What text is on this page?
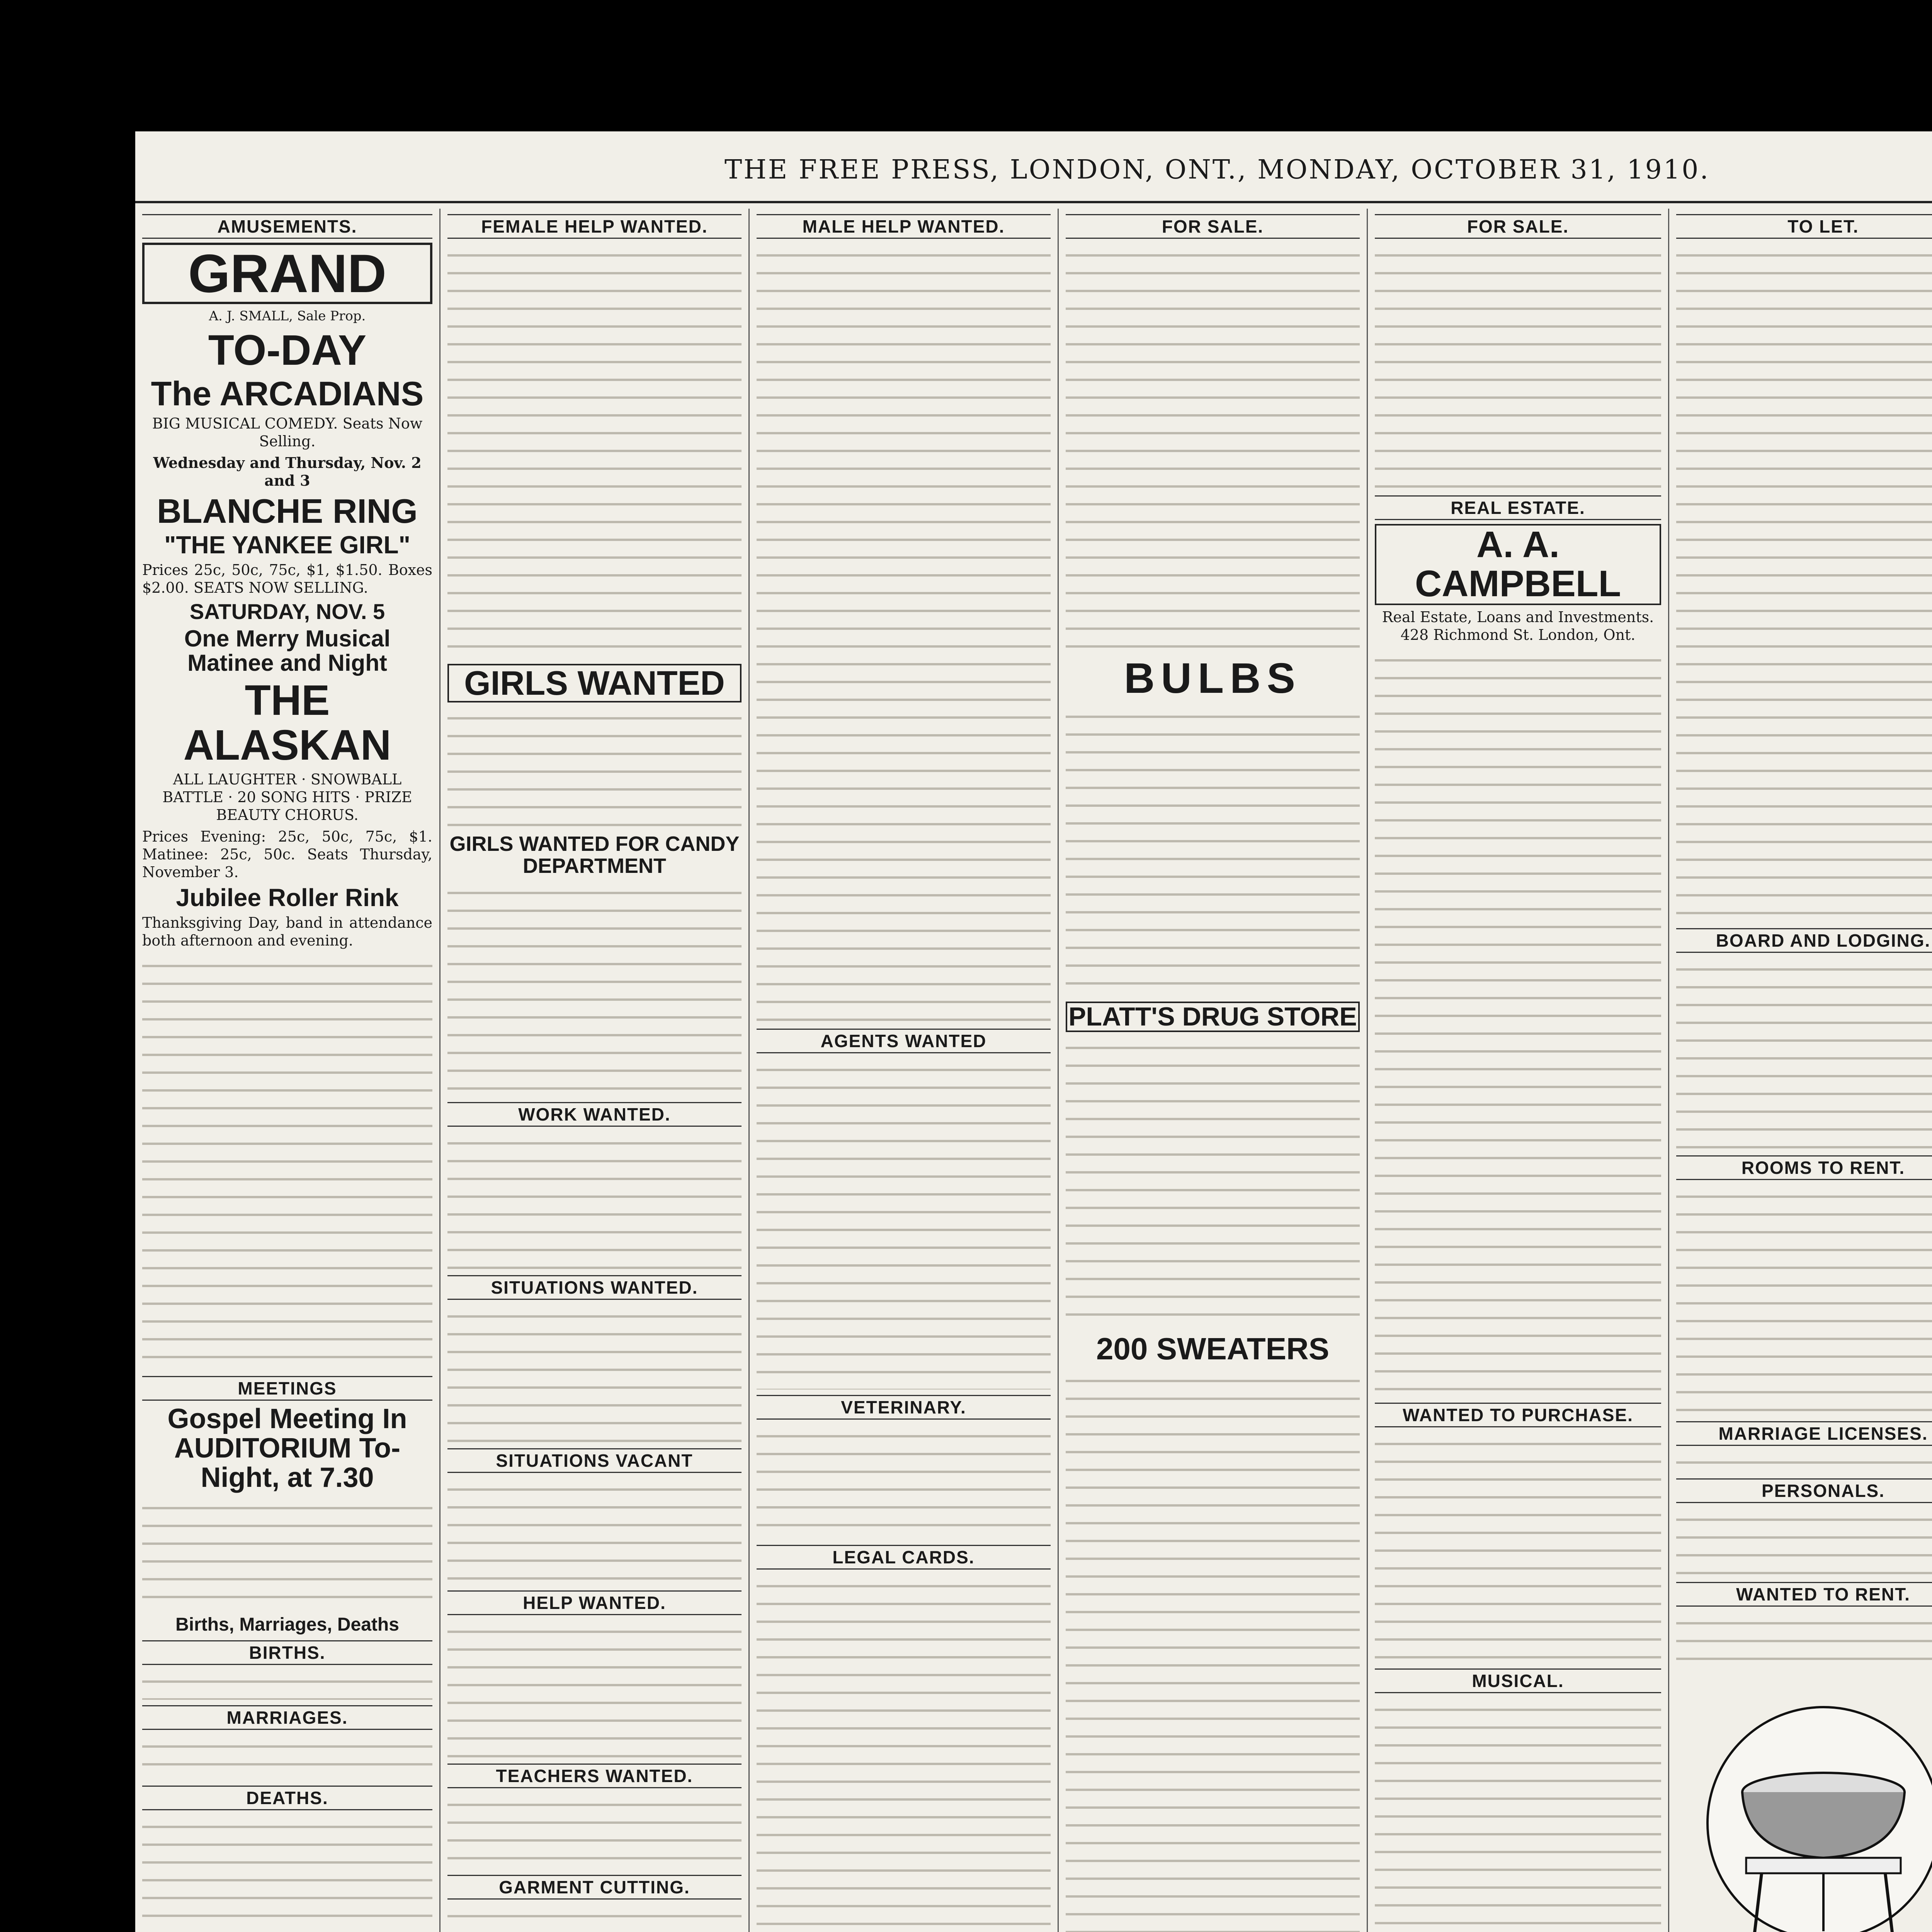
THE FREE PRESS, LONDON, ONT., MONDAY, OCTOBER 31, 1910.
AMUSEMENTS.
GRAND
A. J. SMALL, Sale Prop.
TO-DAY
The ARCADIANS
BIG MUSICAL COMEDY. Seats Now Selling.
Wednesday and Thursday, Nov. 2 and 3
BLANCHE RING
"THE YANKEE GIRL"
Prices 25c, 50c, 75c, $1, $1.50. Boxes $2.00. SEATS NOW SELLING.
SATURDAY, NOV. 5
One Merry Musical Matinee and Night
THE ALASKAN
ALL LAUGHTER · SNOWBALL BATTLE · 20 SONG HITS · PRIZE BEAUTY CHORUS.
Prices Evening: 25c, 50c, 75c, $1. Matinee: 25c, 50c. Seats Thursday, November 3.
Jubilee Roller Rink
Thanksgiving Day, band in attendance both afternoon and evening.
MEETINGS
Gospel Meeting In AUDITORIUM To-Night, at 7.30
Births, Marriages, Deaths
BIRTHS.
MARRIAGES.
DEATHS.
FEMALE HELP WANTED.
GIRLS WANTED
GIRLS WANTED FOR CANDY DEPARTMENT
WORK WANTED.
SITUATIONS WANTED.
SITUATIONS VACANT
HELP WANTED.
TEACHERS WANTED.
GARMENT CUTTING.
MALE HELP WANTED.
AGENTS WANTED
VETERINARY.
LEGAL CARDS.
FOR SALE.
BULBS
PLATT'S DRUG STORE
200 SWEATERS
FOR SALE.
REAL ESTATE.
A. A. CAMPBELL
Real Estate, Loans and Investments. 428 Richmond St. London, Ont.
WANTED TO PURCHASE.
MUSICAL.
TO LET.
BOARD AND LODGING.
ROOMS TO RENT.
MARRIAGE LICENSES.
PERSONALS.
WANTED TO RENT.
